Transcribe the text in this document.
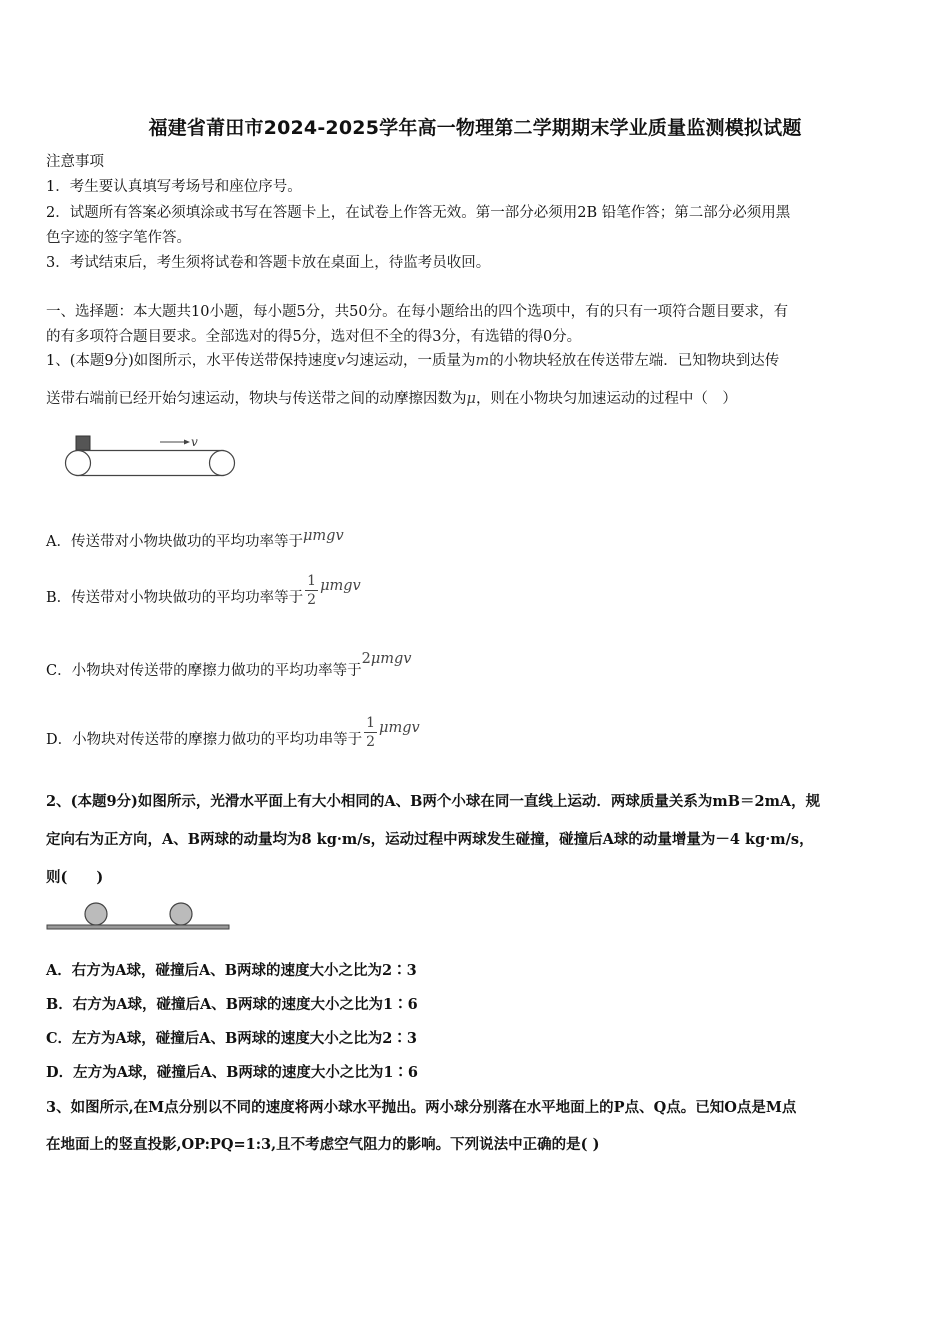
福建省莆田市2024-2025学年高一物理第二学期期末学业质量监测模拟试题
注意事项
1．考生要认真填写考场号和座位序号。
2．试题所有答案必须填涂或书写在答题卡上，在试卷上作答无效。第一部分必须用2B 铅笔作答；第二部分必须用黑
色字迹的签字笔作答。
3．考试结束后，考生须将试卷和答题卡放在桌面上，待监考员收回。
一、选择题：本大题共10小题，每小题5分，共50分。在每小题给出的四个选项中，有的只有一项符合题目要求，有
的有多项符合题目要求。全部选对的得5分，选对但不全的得3分，有选错的得0分。
1、(本题9分)如图所示，水平传送带保持速度v匀速运动，一质量为m的小物块轻放在传送带左端．已知物块到达传
送带右端前已经开始匀速运动，物块与传送带之间的动摩擦因数为μ，则在小物块匀加速运动的过程中（　）
v
A．传送带对小物块做功的平均功率等于μmgv
B．传送带对小物块做功的平均功率等于 $\frac{1}{2}$ μmgv
C．小物块对传送带的摩擦力做功的平均功率等于2μmgv
D．小物块对传送带的摩擦力做功的平均功串等于 $\frac{1}{2}$ μmgv
2、(本题9分)如图所示，光滑水平面上有大小相同的A、B两个小球在同一直线上运动．两球质量关系为mB＝2mA，规
定向右为正方向，A、B两球的动量均为8 kg·m/s，运动过程中两球发生碰撞，碰撞后A球的动量增量为－4 kg·m/s，
则(　　)
A．右方为A球，碰撞后A、B两球的速度大小之比为2∶3
B．右方为A球，碰撞后A、B两球的速度大小之比为1∶6
C．左方为A球，碰撞后A、B两球的速度大小之比为2∶3
D．左方为A球，碰撞后A、B两球的速度大小之比为1∶6
3、如图所示,在M点分别以不同的速度将两小球水平抛出。两小球分别落在水平地面上的P点、Q点。已知O点是M点
在地面上的竖直投影,OP:PQ=1:3,且不考虑空气阻力的影响。下列说法中正确的是( )
